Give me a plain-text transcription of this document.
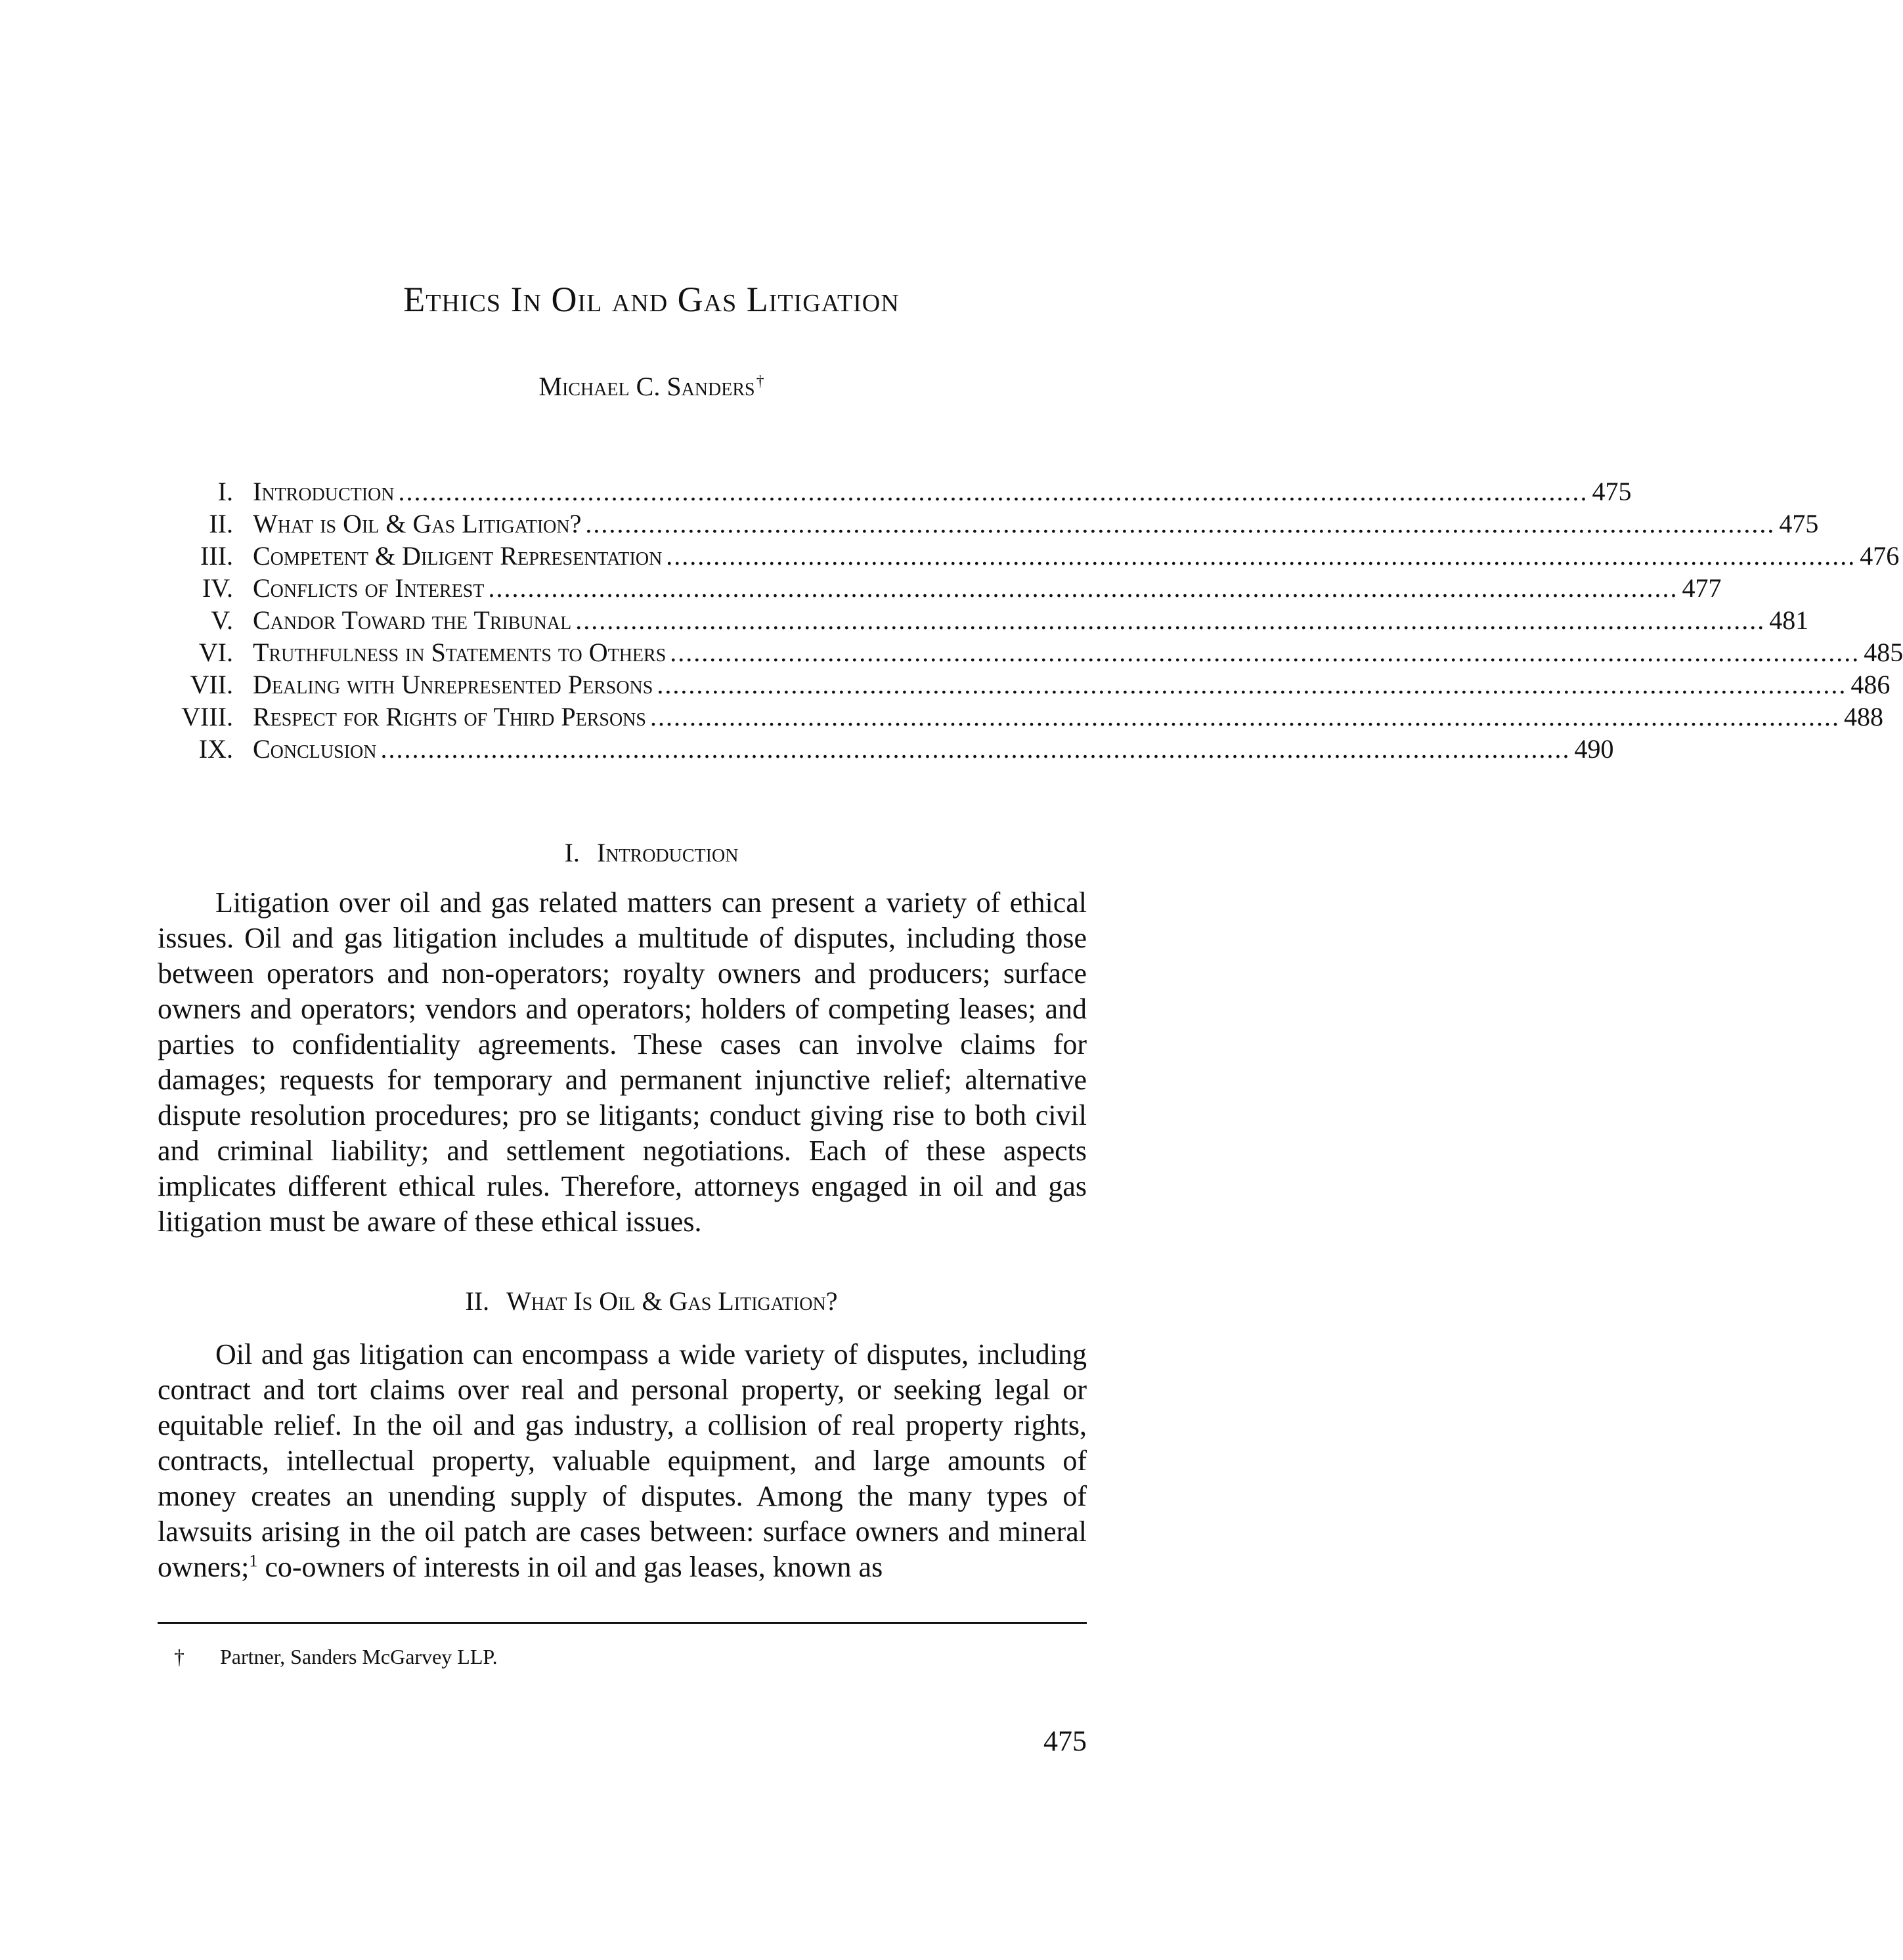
Ethics In Oil and Gas Litigation
Michael C. Sanders†
I. Introduction ....................................................................................................................................................... 475
II. What is Oil & Gas Litigation? ....................................................................................................................................................... 475
III. Competent & Diligent Representation ....................................................................................................................................................... 476
IV. Conflicts of Interest ....................................................................................................................................................... 477
V. Candor Toward the Tribunal ....................................................................................................................................................... 481
VI. Truthfulness in Statements to Others ....................................................................................................................................................... 485
VII. Dealing with Unrepresented Persons ....................................................................................................................................................... 486
VIII. Respect for Rights of Third Persons ....................................................................................................................................................... 488
IX. Conclusion ....................................................................................................................................................... 490
I. Introduction
Litigation over oil and gas related matters can present a variety of ethical issues. Oil and gas litigation includes a multitude of disputes, including those between operators and non-operators; royalty owners and producers; surface owners and operators; vendors and operators; holders of competing leases; and parties to confidentiality agreements. These cases can involve claims for damages; requests for temporary and permanent injunctive relief; alternative dispute resolution procedures; pro se litigants; conduct giving rise to both civil and criminal liability; and settlement negotiations. Each of these aspects implicates different ethical rules. Therefore, attorneys engaged in oil and gas litigation must be aware of these ethical issues.
II. What Is Oil & Gas Litigation?
Oil and gas litigation can encompass a wide variety of disputes, including contract and tort claims over real and personal property, or seeking legal or equitable relief. In the oil and gas industry, a collision of real property rights, contracts, intellectual property, valuable equipment, and large amounts of money creates an unending supply of disputes. Among the many types of lawsuits arising in the oil patch are cases between: surface owners and mineral owners;$^1$ co-owners of interests in oil and gas leases, known as
† Partner, Sanders McGarvey LLP.
475
